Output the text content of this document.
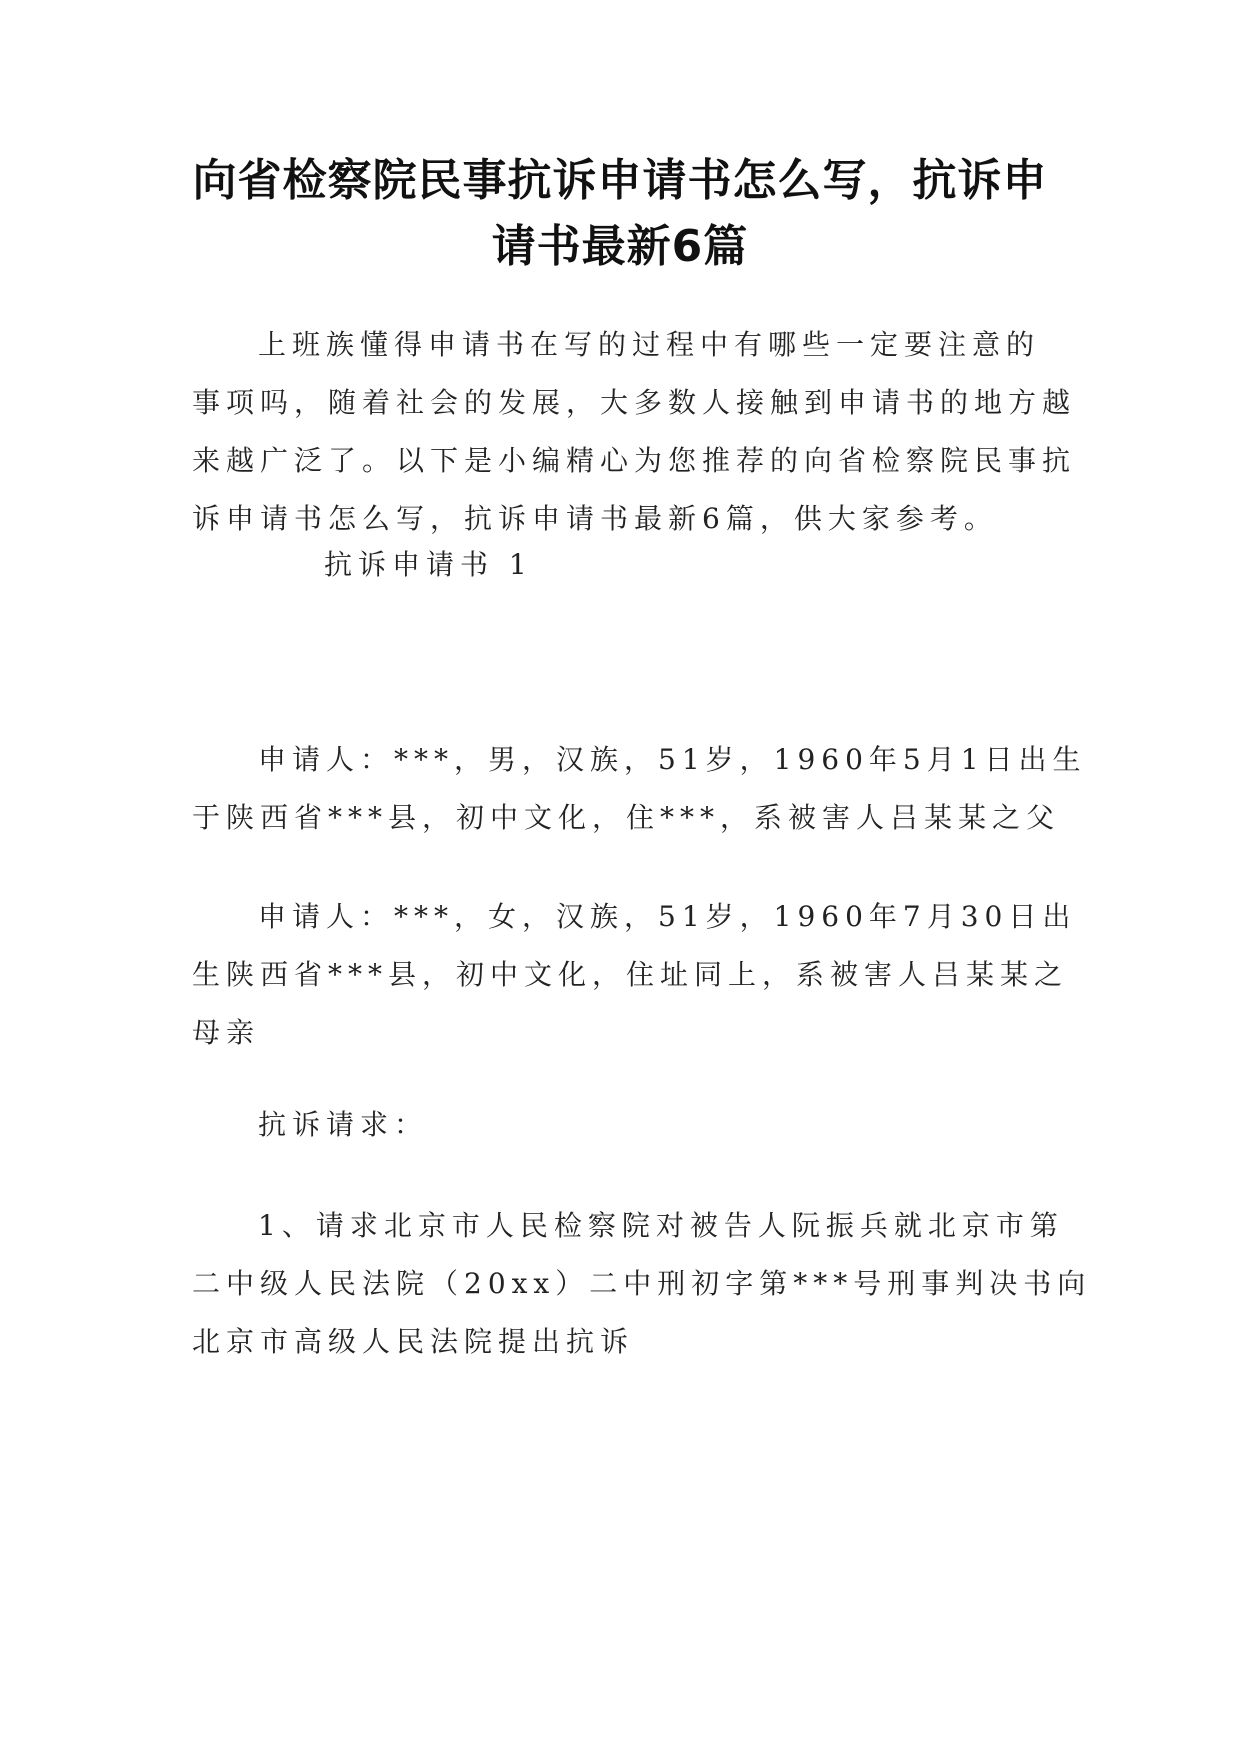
向省检察院民事抗诉申请书怎么写，抗诉申
请书最新6篇
上班族懂得申请书在写的过程中有哪些一定要注意的
事项吗，随着社会的发展，大多数人接触到申请书的地方越
来越广泛了。以下是小编精心为您推荐的向省检察院民事抗
诉申请书怎么写，抗诉申请书最新6篇，供大家参考。
抗诉申请书 1
申请人：***，男，汉族，51岁，1960年5月1日出生
于陕西省***县，初中文化，住***，系被害人吕某某之父
申请人：***，女，汉族，51岁，1960年7月30日出
生陕西省***县，初中文化，住址同上，系被害人吕某某之
母亲
抗诉请求：
1、请求北京市人民检察院对被告人阮振兵就北京市第
二中级人民法院（20xx）二中刑初字第***号刑事判决书向
北京市高级人民法院提出抗诉
